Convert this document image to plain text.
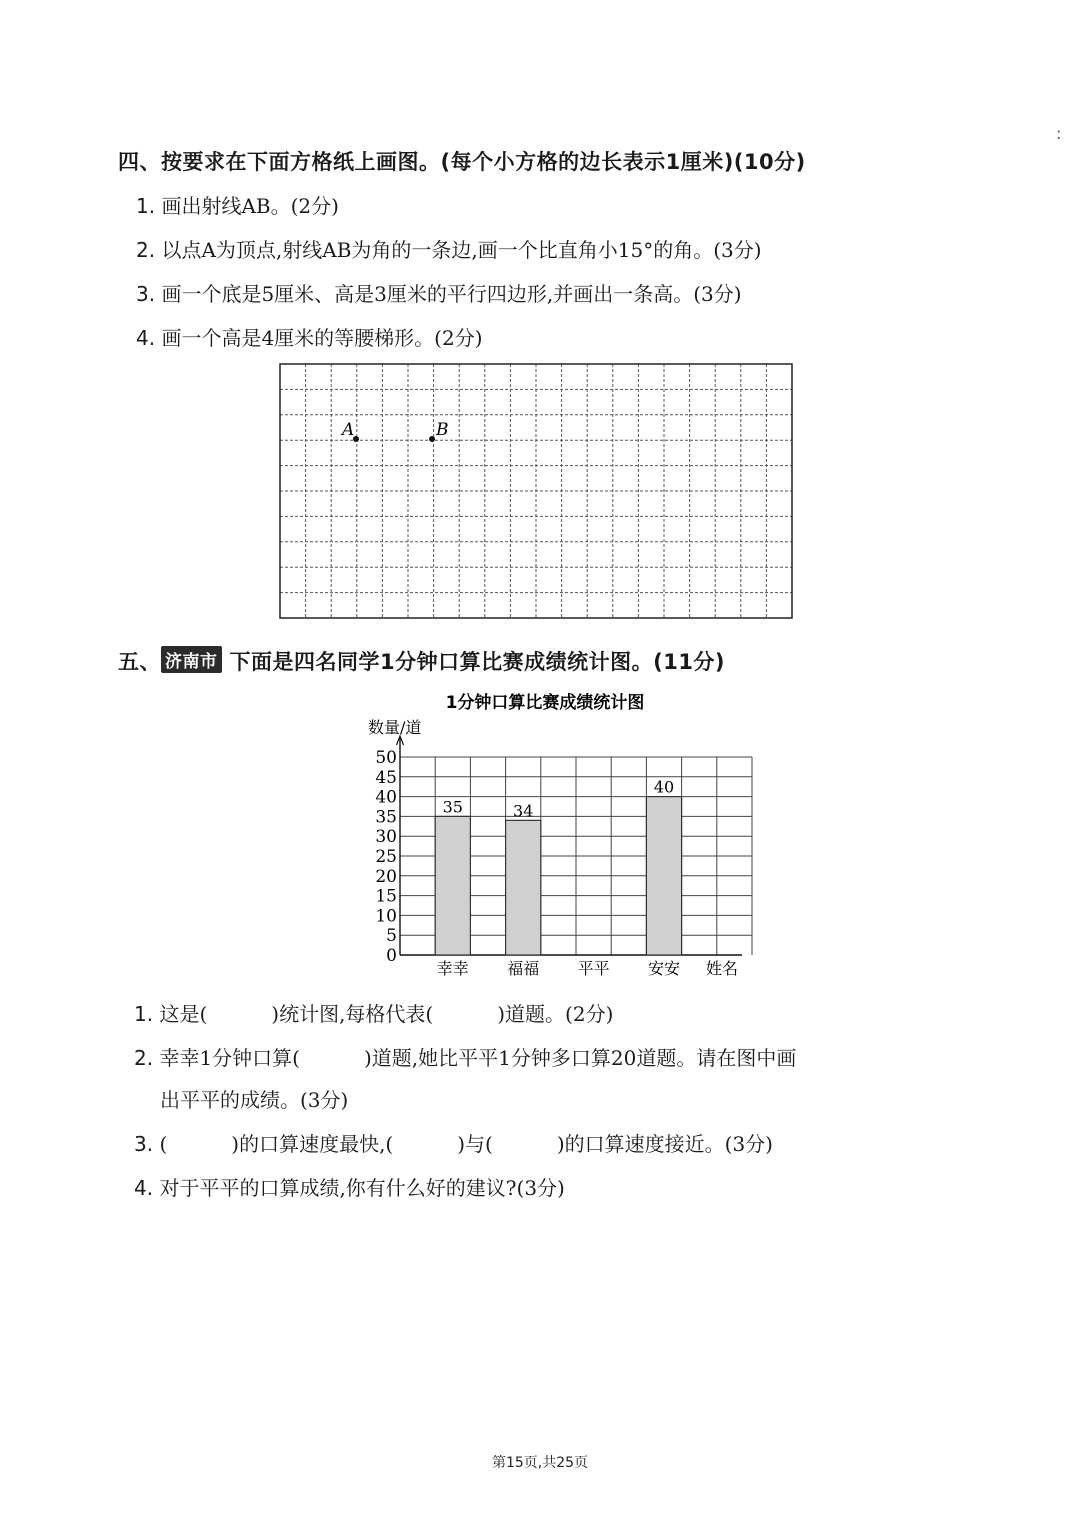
:
四、按要求在下面方格纸上画图。(每个小方格的边长表示1厘米)(10分)
1. 画出射线AB。(2分)
2. 以点A为顶点,射线AB为角的一条边,画一个比直角小15°的角。(3分)
3. 画一个底是5厘米、高是3厘米的平行四边形,并画出一条高。(3分)
4. 画一个高是4厘米的等腰梯形。(2分)
A	B
五、 济南市 下面是四名同学1分钟口算比赛成绩统计图。(11分)
1分钟口算比赛成绩统计图
数量/道
35	34
40
0
5
10
15
20
25
30
35
40
45
50
幸幸 福福 平平 安安 姓名
1. 这是(	)统计图,每格代表(	)道题。(2分)
2. 幸幸1分钟口算(	)道题,她比平平1分钟多口算20道题。请在图中画
出平平的成绩。(3分)
3. (	)的口算速度最快,(	)与(	)的口算速度接近。(3分)
4. 对于平平的口算成绩,你有什么好的建议?(3分)
第15页,共25页
